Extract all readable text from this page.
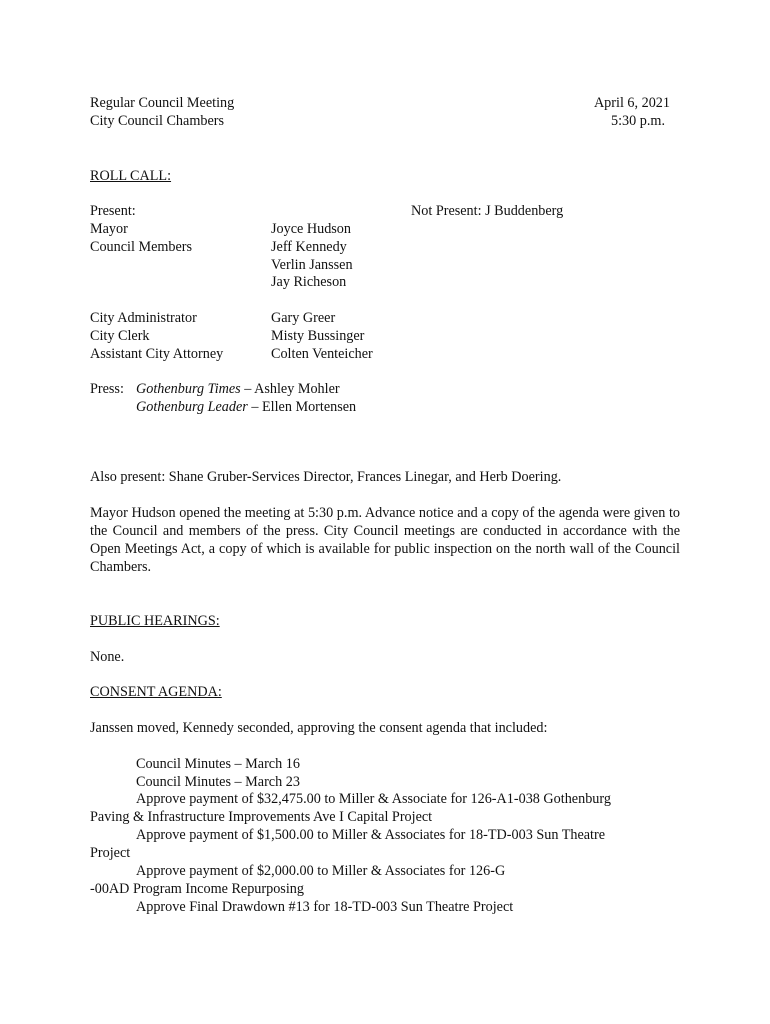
Regular Council Meeting
City Council Chambers
April 6, 2021
5:30 p.m.
ROLL CALL:
Present:	Not Present: J Buddenberg
Mayor	Joyce Hudson
Council Members	Jeff Kennedy
Verlin Janssen
Jay Richeson
City Administrator	Gary Greer
City Clerk	Misty Bussinger
Assistant City Attorney	Colten Venteicher
Press: Gothenburg Times – Ashley Mohler
Gothenburg Leader – Ellen Mortensen
Also present: Shane Gruber-Services Director, Frances Linegar, and Herb Doering.
Mayor Hudson opened the meeting at 5:30 p.m. Advance notice and a copy of the agenda were given to the Council and members of the press. City Council meetings are conducted in accordance with the Open Meetings Act, a copy of which is available for public inspection on the north wall of the Council Chambers.
PUBLIC HEARINGS:
None.
CONSENT AGENDA:
Janssen moved, Kennedy seconded, approving the consent agenda that included:
Council Minutes – March 16
Council Minutes – March 23
Approve payment of $32,475.00 to Miller & Associate for 126-A1-038 Gothenburg
Paving & Infrastructure Improvements Ave I Capital Project
Approve payment of $1,500.00 to Miller & Associates for 18-TD-003 Sun Theatre
Project
Approve payment of $2,000.00 to Miller & Associates for 126-G
-00AD Program Income Repurposing
Approve Final Drawdown #13 for 18-TD-003 Sun Theatre Project
